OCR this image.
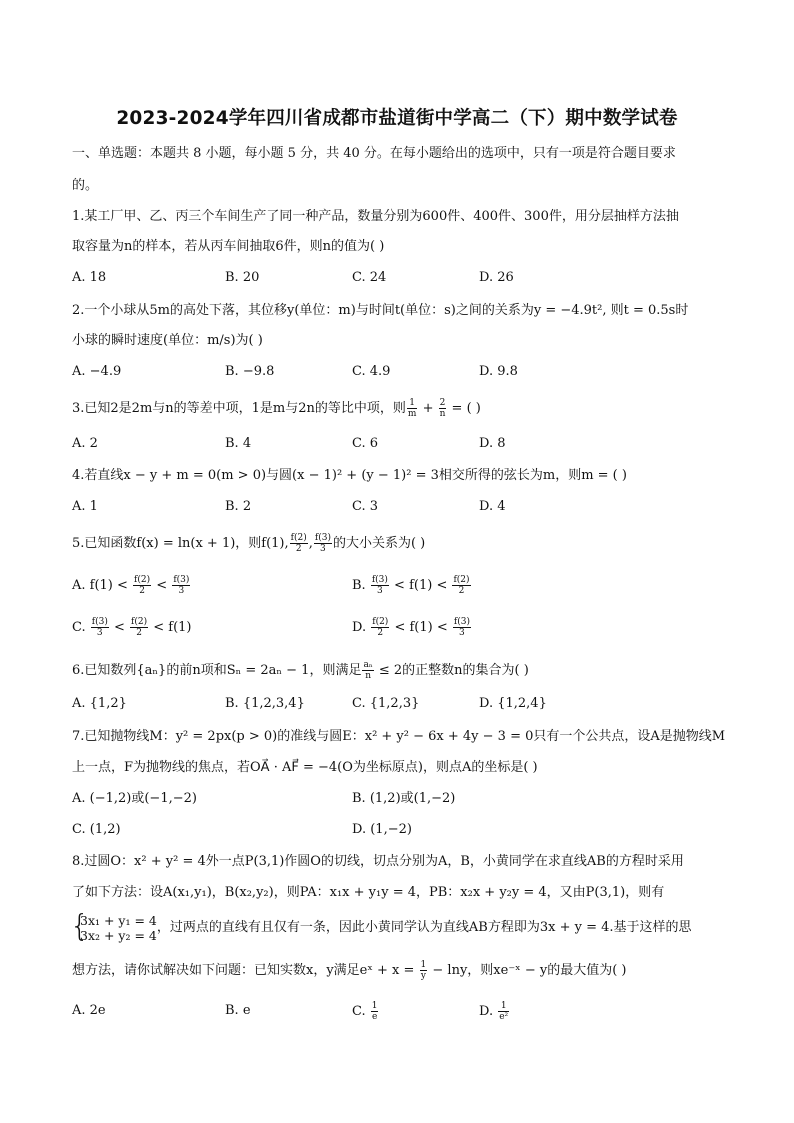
2023-2024学年四川省成都市盐道街中学高二（下）期中数学试卷
一、单选题：本题共 8 小题，每小题 5 分，共 40 分。在每小题给出的选项中，只有一项是符合题目要求
的。
1.某工厂甲、乙、丙三个车间生产了同一种产品，数量分别为600件、400件、300件，用分层抽样方法抽
取容量为n的样本，若从丙车间抽取6件，则n的值为( )
A. 18	B. 20	C. 24	D. 26
2.一个小球从5m的高处下落，其位移y(单位：m)与时间t(单位：s)之间的关系为y = −4.9t², 则t = 0.5s时
小球的瞬时速度(单位：m/s)为( )
A. −4.9	B. −9.8	C. 4.9	D. 9.8
3.已知2是2m与n的等差中项，1是m与2n的等比中项，则 $\frac{1}{m} + \frac{2}{n}$ = ( )
A. 2	B. 4	C. 6	D. 8
4.若直线x − y + m = 0(m > 0)与圆(x − 1)² + (y − 1)² = 3相交所得的弦长为m，则m = ( )
A. 1	B. 2	C. 3	D. 4
5.已知函数f(x) = ln(x + 1)，则f(1), $\frac{f(2)}{2}$ , $\frac{f(3)}{3}$ 的大小关系为( )
A. $f(1) < \frac{f(2)}{2} < \frac{f(3)}{3}$	B. $\frac{f(3)}{3} < f(1) < \frac{f(2)}{2}$
C. $\frac{f(3)}{3} < \frac{f(2)}{2} < f(1)$	D. $\frac{f(2)}{2} < f(1) < \frac{f(3)}{3}$
6.已知数列{aₙ}的前n项和Sₙ = 2aₙ − 1，则满足 $\frac{\text{aₙ}}{n} \le 2$的正整数n的集合为( )
A. {1,2}	B. {1,2,3,4}	C. {1,2,3}	D. {1,2,4}
7.已知抛物线M：y² = 2px(p > 0)的准线与圆E：x² + y² − 6x + 4y − 3 = 0只有一个公共点，设A是抛物线M
上一点，F为抛物线的焦点，若OA⃗ · AF⃗ = −4(O为坐标原点)，则点A的坐标是( )
A. (−1,2)或(−1,−2)	B. (1,2)或(1,−2)
C. (1,2)	D. (1,−2)
8.过圆O：x² + y² = 4外一点P(3,1)作圆O的切线，切点分别为A，B，小黄同学在求直线AB的方程时采用
了如下方法：设A(x₁,y₁)，B(x₂,y₂)，则PA：x₁x + y₁y = 4，PB：x₂x + y₂y = 4，又由P(3,1)，则有
{ 3x₁ + y₁ = 4
3x₂ + y₂ = 4 ，过两点的直线有且仅有一条，因此小黄同学认为直线AB方程即为3x + y = 4.基于这样的思
想方法，请你试解决如下问题：已知实数x，y满足eˣ + $x = \frac{1}{y} - \ln y$，则xe⁻ˣ − y的最大值为( )
A. 2e	B. e	C. $\frac{1}{e}$	D. $\frac{1}{\text{e²}}$
